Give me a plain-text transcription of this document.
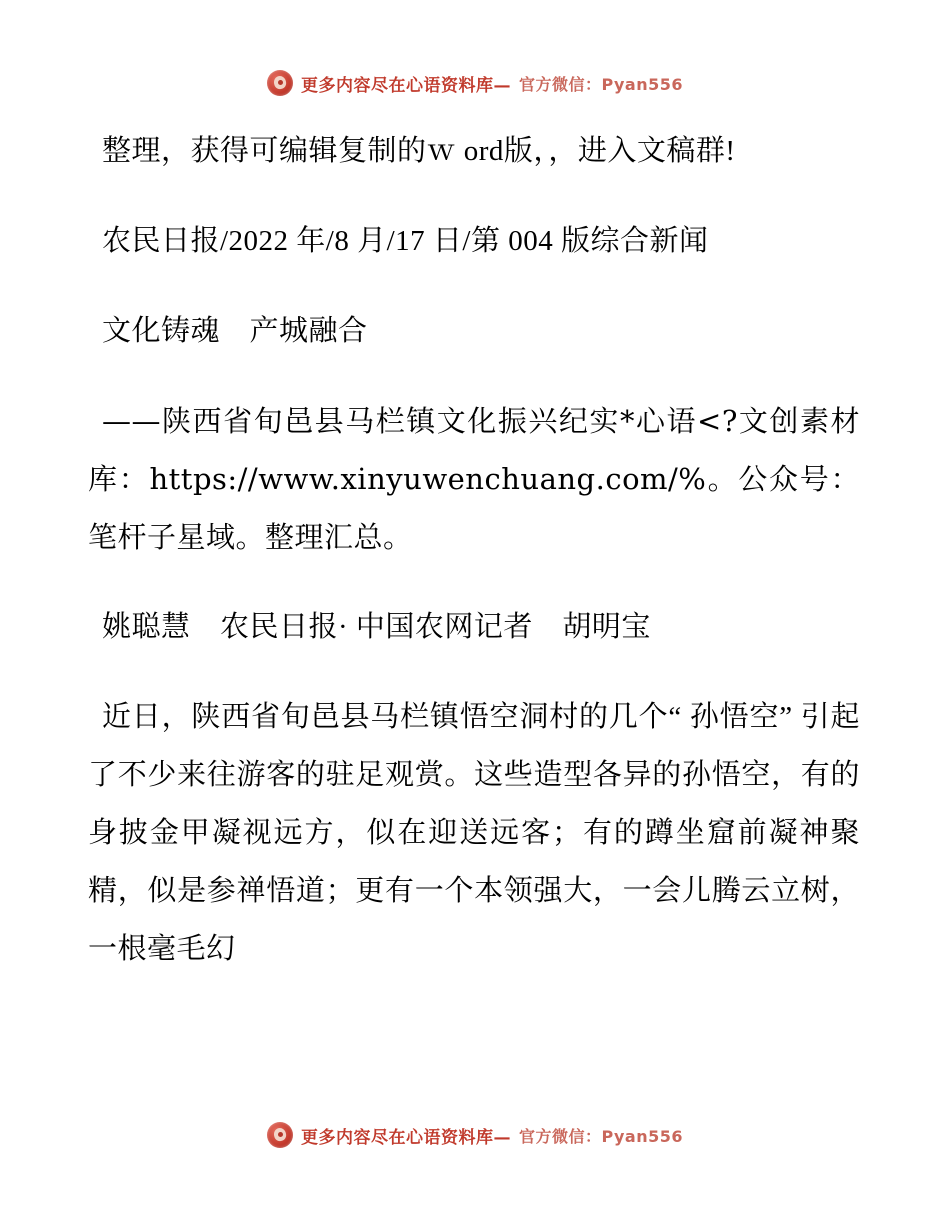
更多内容尽在心语资料库— 官方微信：Pyan556

整理，获得可编辑复制的ｗ ord版，，进入文稿群!

农民日报/2022 年/8 月/17 日/第 004 版综合新闻

文化铸魂　产城融合

——陕西省旬邑县马栏镇文化振兴纪实*心语<?文创素材库：https://www.xinyuwenchuang.com/%。公众号：笔杆子星域。整理汇总。

姚聪慧　农民日报· 中国农网记者　胡明宝

近日，陕西省旬邑县马栏镇悟空洞村的几个“ 孙悟空” 引起了不少来往游客的驻足观赏。这些造型各异的孙悟空，有的身披金甲凝视远方，似在迎送远客；有的蹲坐窟前凝神聚精，似是参禅悟道；更有一个本领强大，一会儿腾云立树，一根毫毛幻

更多内容尽在心语资料库— 官方微信：Pyan556
